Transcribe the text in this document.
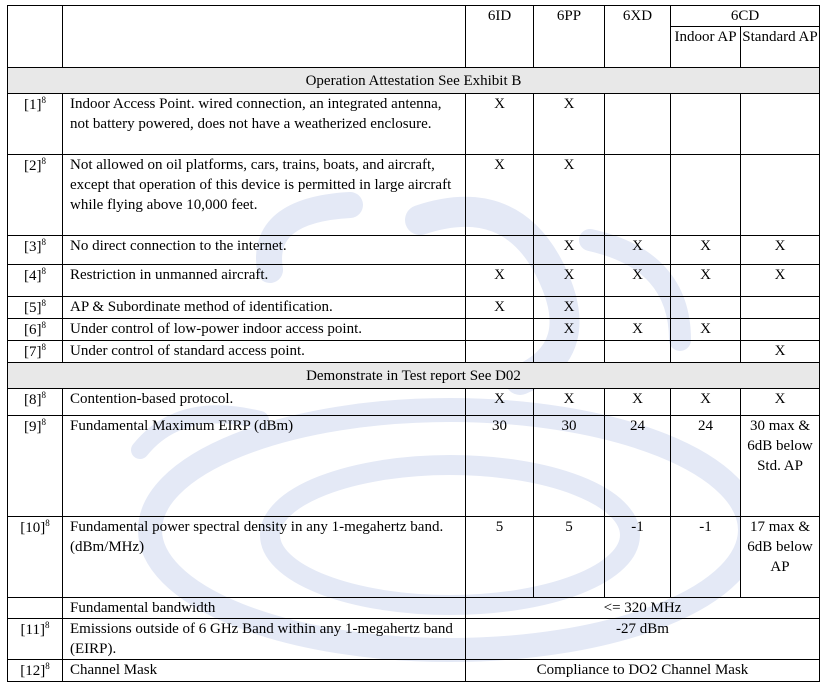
		6ID	6PP	6XD	6CD	
					Indoor AP	Standard AP
Operation Attestation See Exhibit B						
$[1]^8$	Indoor Access Point. wired connection, an integrated antenna, not battery powered, does not have a weatherized enclosure.	X	X			
$[2]^8$	Not allowed on oil platforms, cars, trains, boats, and aircraft, except that operation of this device is permitted in large aircraft while flying above 10,000 feet.	X	X			
$[3]^8$	No direct connection to the internet.		X	X	X	X
$[4]^8$	Restriction in unmanned aircraft.	X	X	X	X	X
$[5]^8$	AP & Subordinate method of identification.	X	X			
$[6]^8$	Under control of low-power indoor access point.		X	X	X	
$[7]^8$	Under control of standard access point.					X
Demonstrate in Test report See D02						
$[8]^8$	Contention-based protocol.	X	X	X	X	X
$[9]^8$	Fundamental Maximum EIRP (dBm)	30	30	24	24	30 max & 6dB below Std. AP
$[10]^8$	Fundamental power spectral density in any 1-megahertz band. (dBm/MHz)	5	5	-1	-1	17 max & 6dB below AP
	Fundamental bandwidth	<= 320 MHz				
$[11]^8$	Emissions outside of 6 GHz Band within any 1-megahertz band (EIRP).	-27 dBm				
$[12]^8$	Channel Mask	Compliance to DO2 Channel Mask				
